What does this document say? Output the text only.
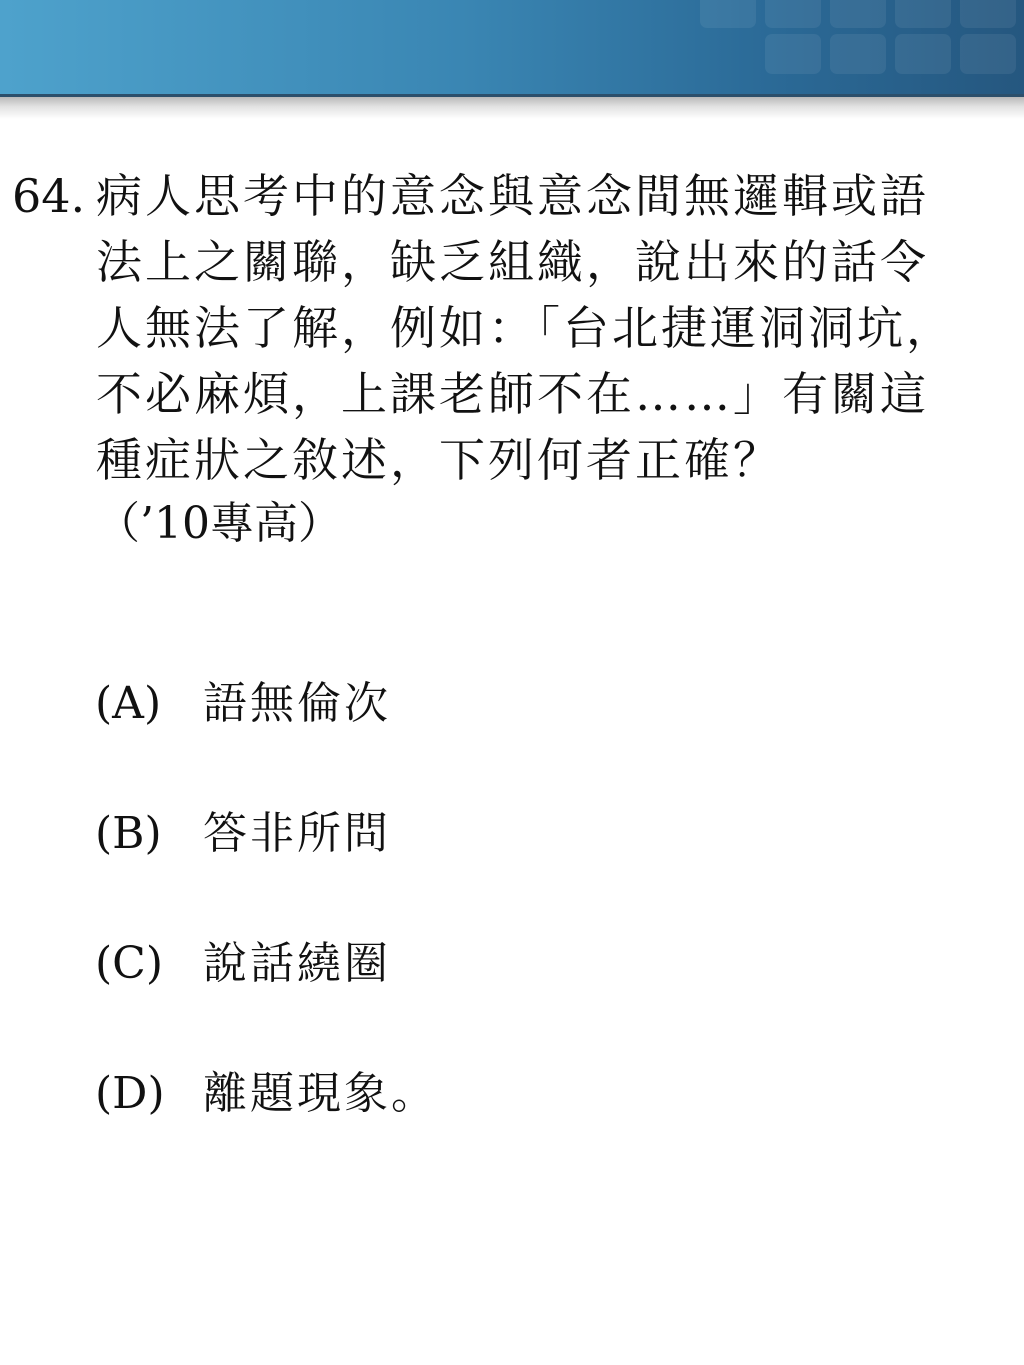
64. 病人思考中的意念與意念間無邏輯或語
法上之關聯，缺乏組織，說出來的話令
人無法了解，例如：「台北捷運洞洞坑，
不必麻煩，上課老師不在……」有關這
種症狀之敘述，下列何者正確？
（’10專高）
(A) 語無倫次
(B) 答非所問
(C) 說話繞圈
(D) 離題現象。
